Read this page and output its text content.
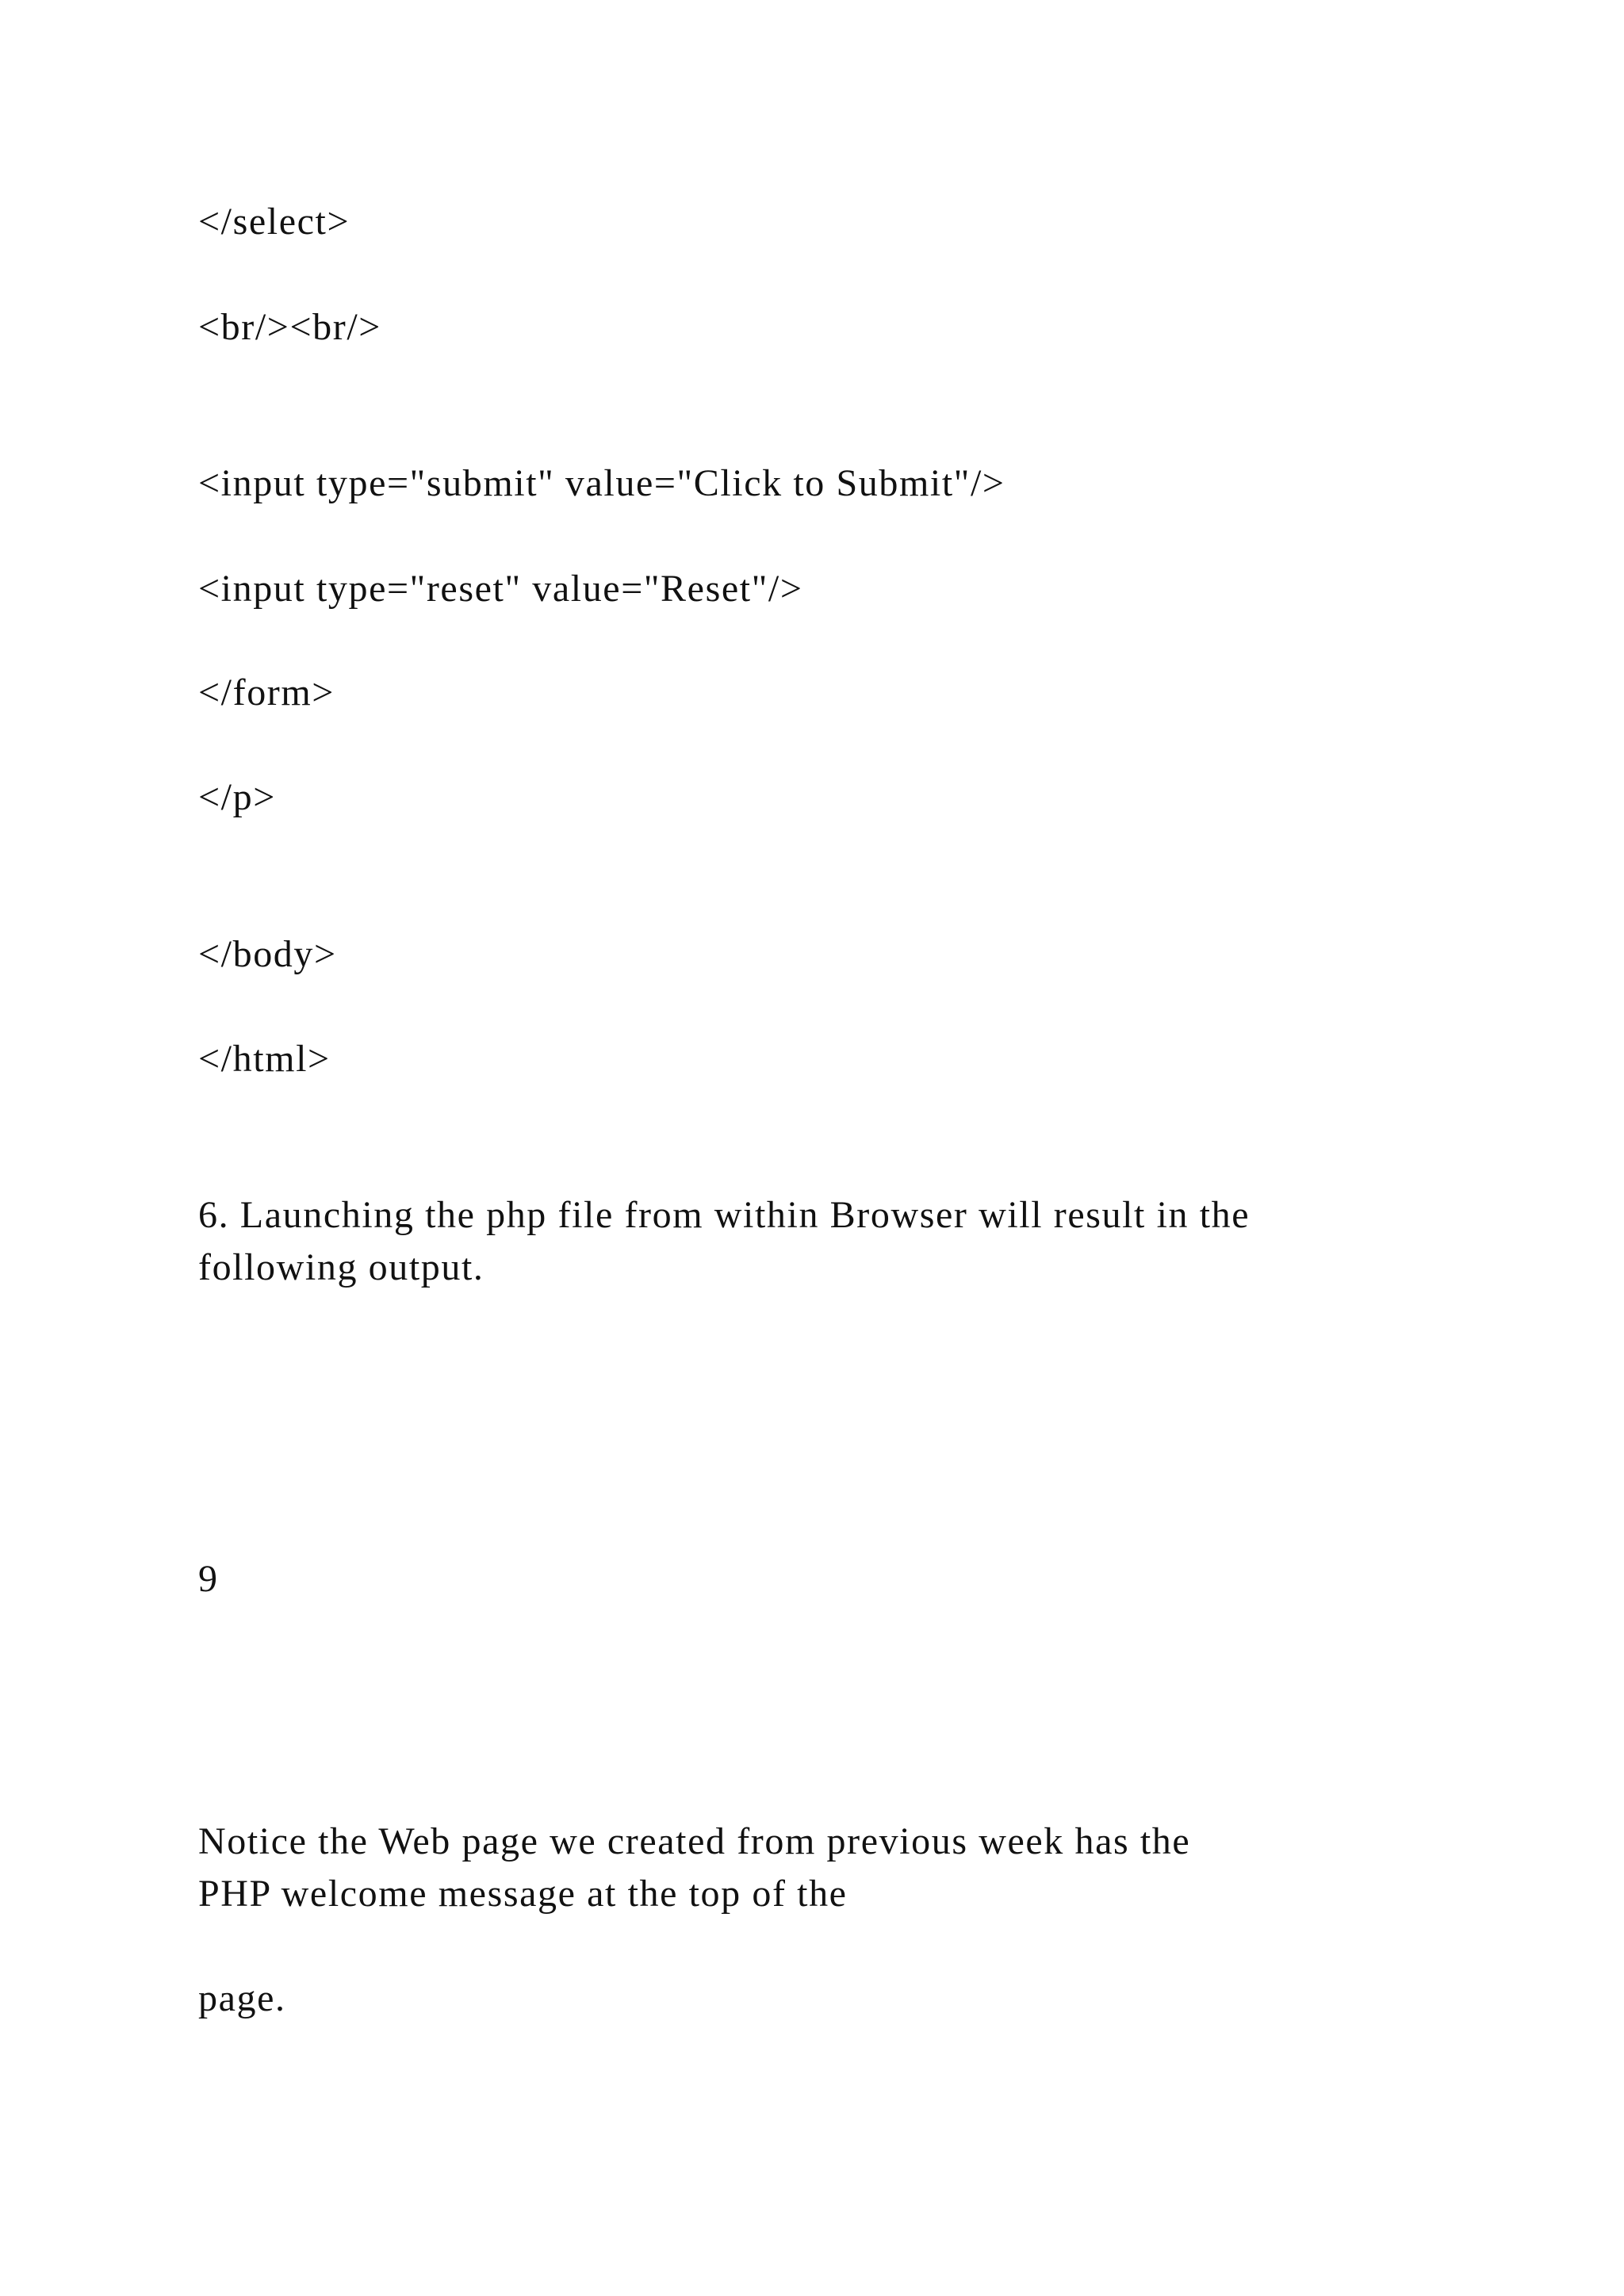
</select>

<br/><br/>

<input type="submit" value="Click to Submit"/>

<input type="reset" value="Reset"/>

</form>

</p>

</body>

</html>

6. Launching the php file from within Browser will result in the

following output.

9

Notice the Web page we created from previous week has the

PHP welcome message at the top of the

page.
